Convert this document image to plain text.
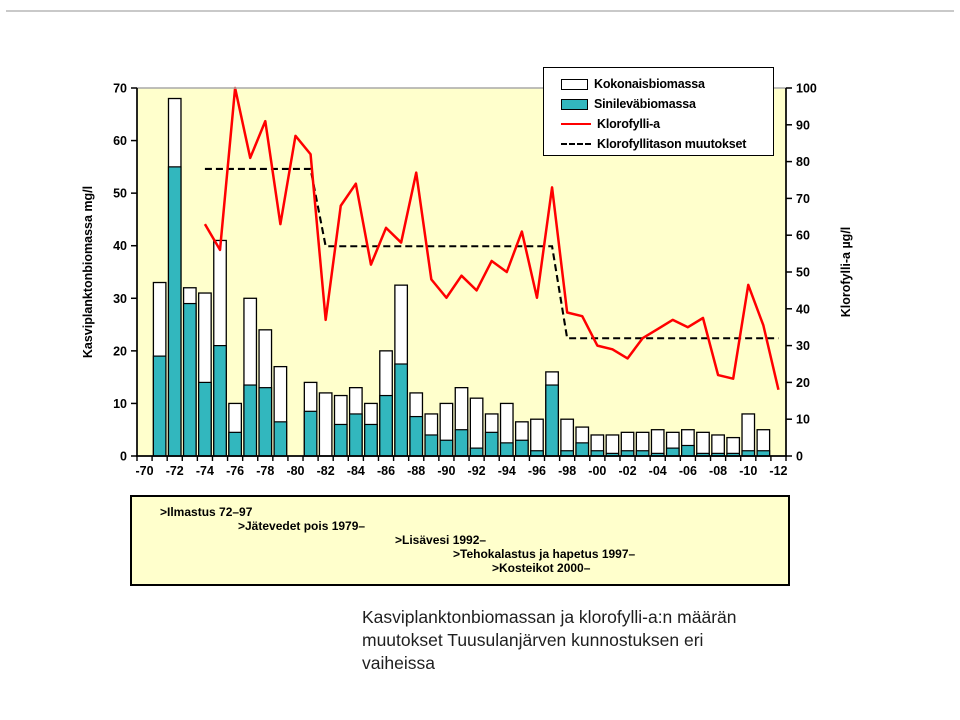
0
10
20
30
40
50
60
70
0
10
20
30
40
50
60
70
80
90
100
-70 -72 -74 -76 -78 -80 -82 -84 -86 -88 -90 -92 -94 -96 -98 -00 -02 -04 -06 -08 -10 -12
Kasviplanktonbiomassa mg/l	Klorofylli-a µg/l
Kokonaisbiomassa
Sinileväbiomassa
Klorofylli-a
Klorofyllitason muutokset
>Ilmastus 72–97
>Jätevedet pois 1979–
>Lisävesi 1992–
>Tehokalastus ja hapetus 1997–
>Kosteikot 2000–
Kasviplanktonbiomassan ja klorofylli-a:n määrän
muutokset Tuusulanjärven kunnostuksen eri
vaiheissa
